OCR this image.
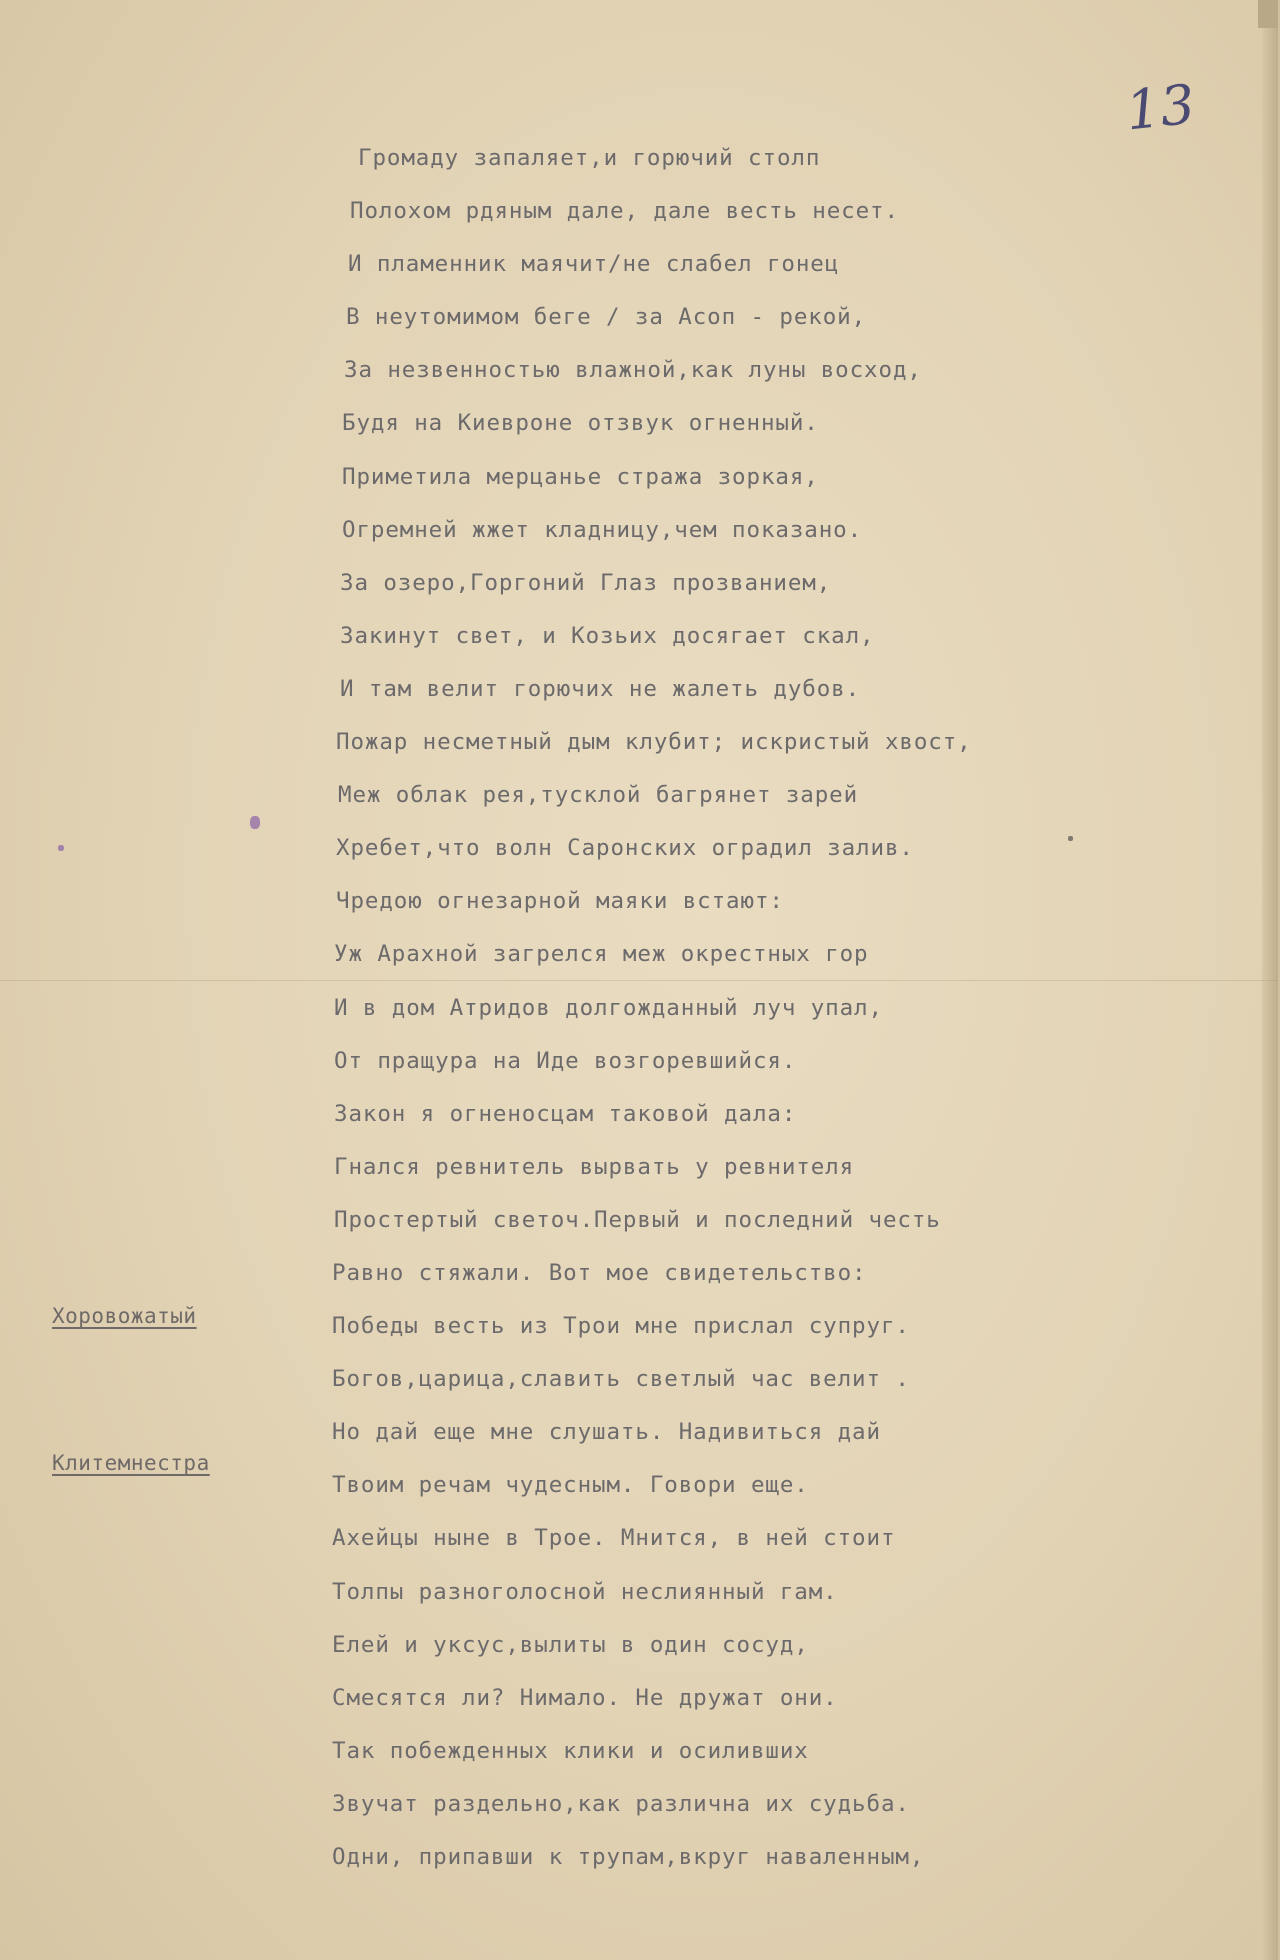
13
Хоровожатый
Клитемнестра
Громаду запаляет,и горючий столп
Полохом рдяным дале, дале весть несет.
И пламенник маячит/не слабел гонец
В неутомимом беге / за Асоп - рекой,
За незвенностью влажной,как луны восход,
Будя на Киевроне отзвук огненный.
Приметила мерцанье стража зоркая,
Огремней жжет кладницу,чем показано.
За озеро,Горгоний Глаз прозванием,
Закинут свет, и Козьих досягает скал,
И там велит горючих не жалеть дубов.
Пожар несметный дым клубит; искристый хвост,
Меж облак рея,тусклой багрянет зарей
Хребет,что волн Саронских оградил залив.
Чредою огнезарной маяки встают:
Уж Арахной загрелся меж окрестных гор
И в дом Атридов долгожданный луч упал,
От пращура на Иде возгоревшийся.
Закон я огненосцам таковой дала:
Гнался ревнитель вырвать у ревнителя
Простертый светоч.Первый и последний честь
Равно стяжали. Вот мое свидетельство:
Победы весть из Трои мне прислал супруг.
Богов,царица,славить светлый час велит .
Но дай еще мне слушать. Надивиться дай
Твоим речам чудесным. Говори еще.
Ахейцы ныне в Трое. Мнится, в ней стоит
Толпы разноголосной неслиянный гам.
Елей и уксус,вылиты в один сосуд,
Смесятся ли? Нимало. Не дружат они.
Так побежденных клики и осиливших
Звучат раздельно,как различна их судьба.
Одни, припавши к трупам,вкруг наваленным,
